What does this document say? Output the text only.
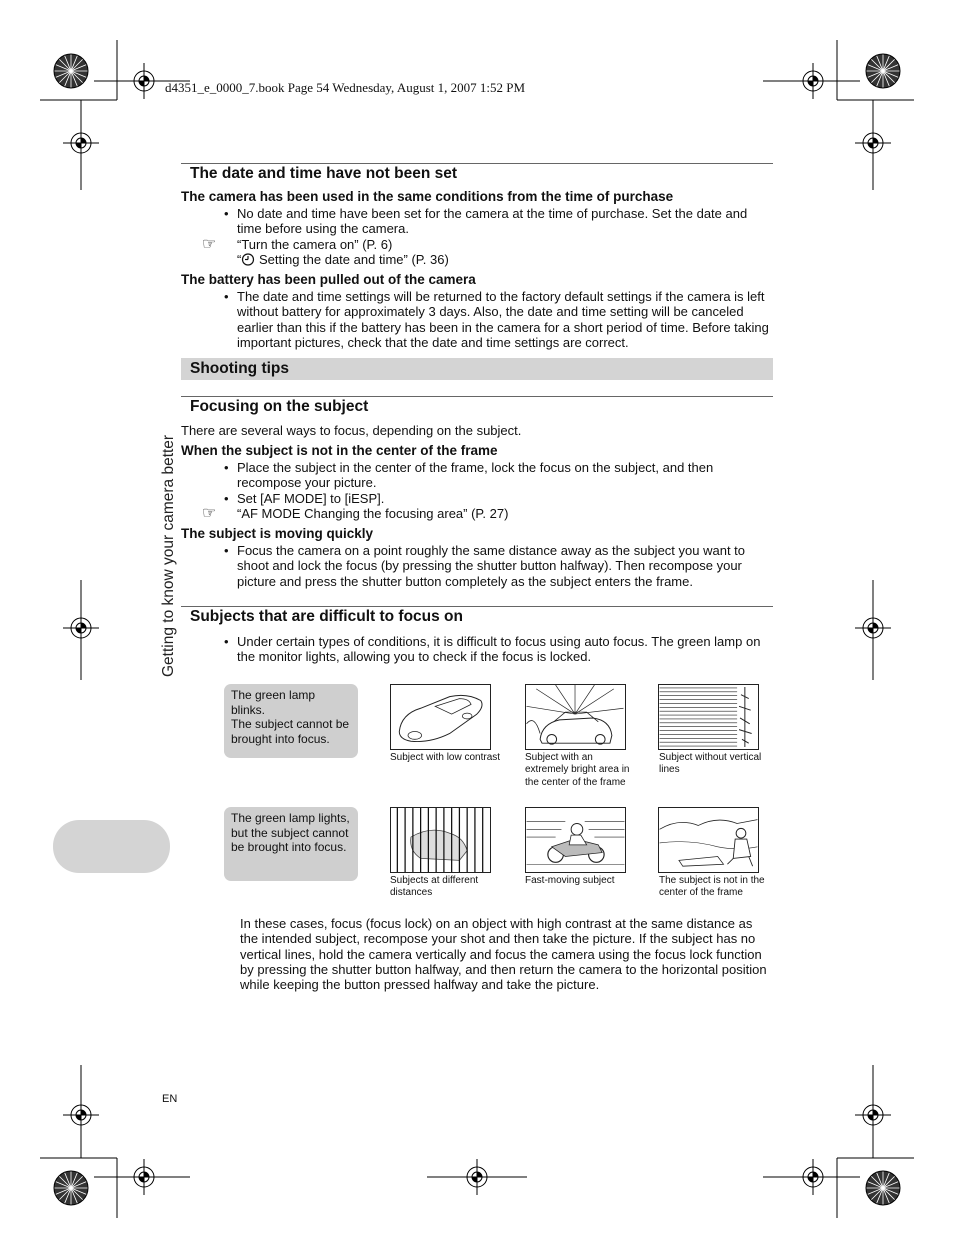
d4351_e_0000_7.book Page 54 Wednesday, August 1, 2007 1:52 PM
Getting to know your camera better
EN
The date and time have not been set
The camera has been used in the same conditions from the time of purchase
• No date and time have been set for the camera at the time of purchase. Set the date and time before using the camera.
☞ “Turn the camera on” (P. 6)
“ Setting the date and time” (P. 36)
The battery has been pulled out of the camera
• The date and time settings will be returned to the factory default settings if the camera is left without battery for approximately 3 days. Also, the date and time setting will be canceled earlier than this if the battery has been in the camera for a short period of time. Before taking important pictures, check that the date and time settings are correct.
Shooting tips
Focusing on the subject
There are several ways to focus, depending on the subject.
When the subject is not in the center of the frame
• Place the subject in the center of the frame, lock the focus on the subject, and then recompose your picture.
• Set [AF MODE] to [iESP].
☞ “AF MODE Changing the focusing area” (P. 27)
The subject is moving quickly
• Focus the camera on a point roughly the same distance away as the subject you want to shoot and lock the focus (by pressing the shutter button halfway). Then recompose your picture and press the shutter button completely as the subject enters the frame.
Subjects that are difficult to focus on
• Under certain types of conditions, it is difficult to focus using auto focus. The green lamp on the monitor lights, allowing you to check if the focus is locked.
The green lamp blinks.
The subject cannot be brought into focus.
The green lamp lights, but the subject cannot be brought into focus.
Subject with low contrast Subject with an extremely bright area in the center of the frame
Subject without vertical lines
Subjects at different distances
Fast-moving subject	The subject is not in the center of the frame
In these cases, focus (focus lock) on an object with high contrast at the same distance as the intended subject, recompose your shot and then take the picture. If the subject has no vertical lines, hold the camera vertically and focus the camera using the focus lock function by pressing the shutter button halfway, and then return the camera to the horizontal position while keeping the button pressed halfway and take the picture.
